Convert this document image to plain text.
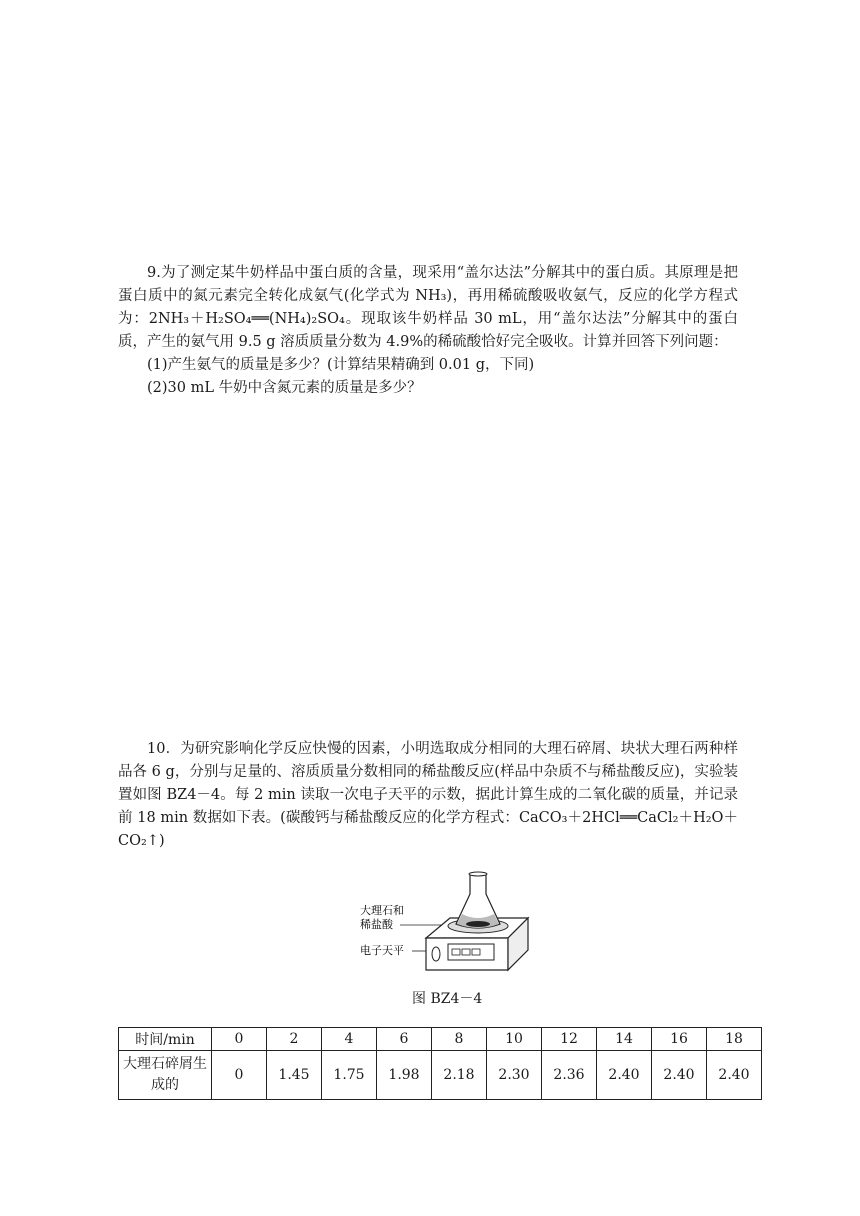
9.为了测定某牛奶样品中蛋白质的含量，现采用“盖尔达法”分解其中的蛋白质。其原理是把蛋白质中的氮元素完全转化成氨气(化学式为 NH₃)，再用稀硫酸吸收氨气，反应的化学方程式为：2NH₃＋H₂SO₄══(NH₄)₂SO₄。现取该牛奶样品 30 mL，用“盖尔达法”分解其中的蛋白质，产生的氨气用 9.5 g 溶质质量分数为 4.9%的稀硫酸恰好完全吸收。计算并回答下列问题：

(1)产生氨气的质量是多少？(计算结果精确到 0.01 g，下同)
(2)30 mL 牛奶中含氮元素的质量是多少？

10．为研究影响化学反应快慢的因素，小明选取成分相同的大理石碎屑、块状大理石两种样品各 6 g，分别与足量的、溶质质量分数相同的稀盐酸反应(样品中杂质不与稀盐酸反应)，实验装置如图 BZ4－4。每 2 min 读取一次电子天平的示数，据此计算生成的二氧化碳的质量，并记录前 18 min 数据如下表。(碳酸钙与稀盐酸反应的化学方程式：CaCO₃＋2HCl══CaCl₂＋H₂O＋CO₂↑)

大理石和
稀盐酸
电子天平
图 BZ4－4
时间/min	0	2	4	6	8	10	12	14	16	18
大理石碎屑生成的	0	1.45	1.75	1.98	2.18	2.30	2.36	2.40	2.40	2.40
